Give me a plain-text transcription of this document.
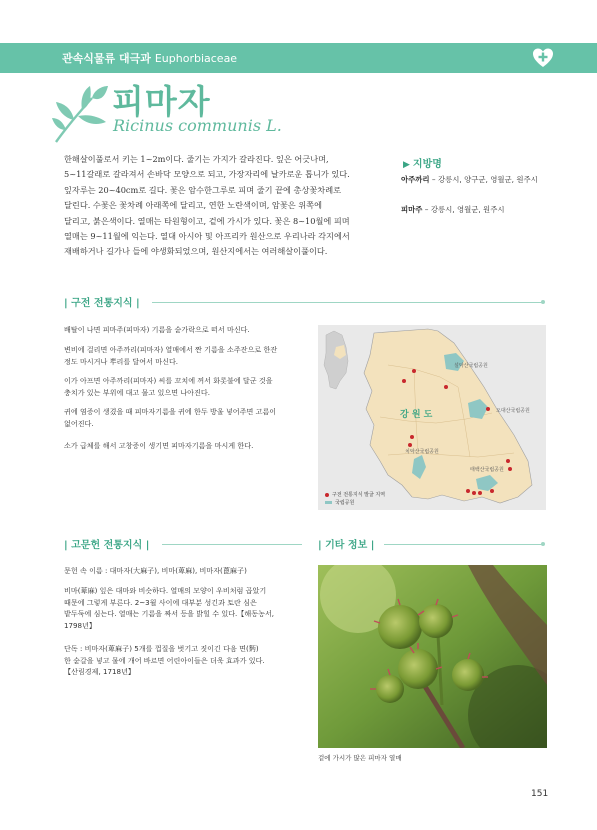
관속식물류 대극과 Euphorbiaceae
피마자
Ricinus communis L.
한해살이풀로서 키는 1~2m이다. 줄기는 가지가 갈라진다. 잎은 어긋나며,
5~11갈래로 갈라져서 손바닥 모양으로 되고, 가장자리에 날카로운 톱니가 있다.
잎자루는 20~40cm로 길다. 꽃은 암수한그루로 피며 줄기 끝에 총상꽃차례로
달린다. 수꽃은 꽃차례 아래쪽에 달리고, 연한 노란색이며, 암꽃은 위쪽에
달리고, 붉은색이다. 열매는 타원형이고, 겉에 가시가 있다. 꽃은 8~10월에 피며
열매는 9~11월에 익는다. 열대 아시아 및 아프리카 원산으로 우리나라 각지에서
재배하거나 길가나 들에 야생화되었으며, 원산지에서는 여러해살이풀이다.
▶ 지방명
아주까리 – 강릉시, 양구군, 영월군, 원주시
피마주 – 강릉시, 영월군, 원주시
| 구전 전통지식 |
배탈이 나면 피마주(피마자) 기름을 숟가락으로 떠서 마신다.
변비에 걸리면 아주까리(피마자) 열매에서 짠 기름을 소주잔으로 한잔
정도 마시거나 뿌리를 달여서 마신다.
이가 아프면 아주까리(피마자) 씨를 꼬치에 꺼서 화롯불에 달군 것을
충치가 있는 부위에 대고 물고 있으면 나아진다.
귀에 염증이 생겼을 때 피마자기름을 귀에 한두 방울 넣어주면 고름이
없어진다.
소가 급체를 해서 고창증이 생기면 피마자기름을 마시게 한다.
강 원 도
설악산국립공원
오대산국립공원
치악산국립공원
태백산국립공원
구전 전통지식 발굴 지역
국립공원
| 고문헌 전통지식 |
문헌 속 이름 : 대마자(大麻子), 비마(萆麻), 비마자(蓖麻子)
비마(萆麻) 잎은 대마와 비슷하다. 열매의 모양이 우비처럼 곱았기
때문에 그렇게 부른다. 2~3월 사이에 대부분 성긴과 토란 심은
밭두둑에 심는다. 열매는 기름을 짜서 등을 밝힐 수 있다.【해동농서,
1798년】
단독 : 비마자(萆麻子) 5개를 껍질을 벗기고 짓이긴 다음 면(麪)
한 숟갈을 넣고 물에 개어 바르면 어린아이들은 더욱 효과가 있다.
【산림경제, 1718년】
| 기타 정보 |
겉에 가시가 많은 피마자 열매
151
